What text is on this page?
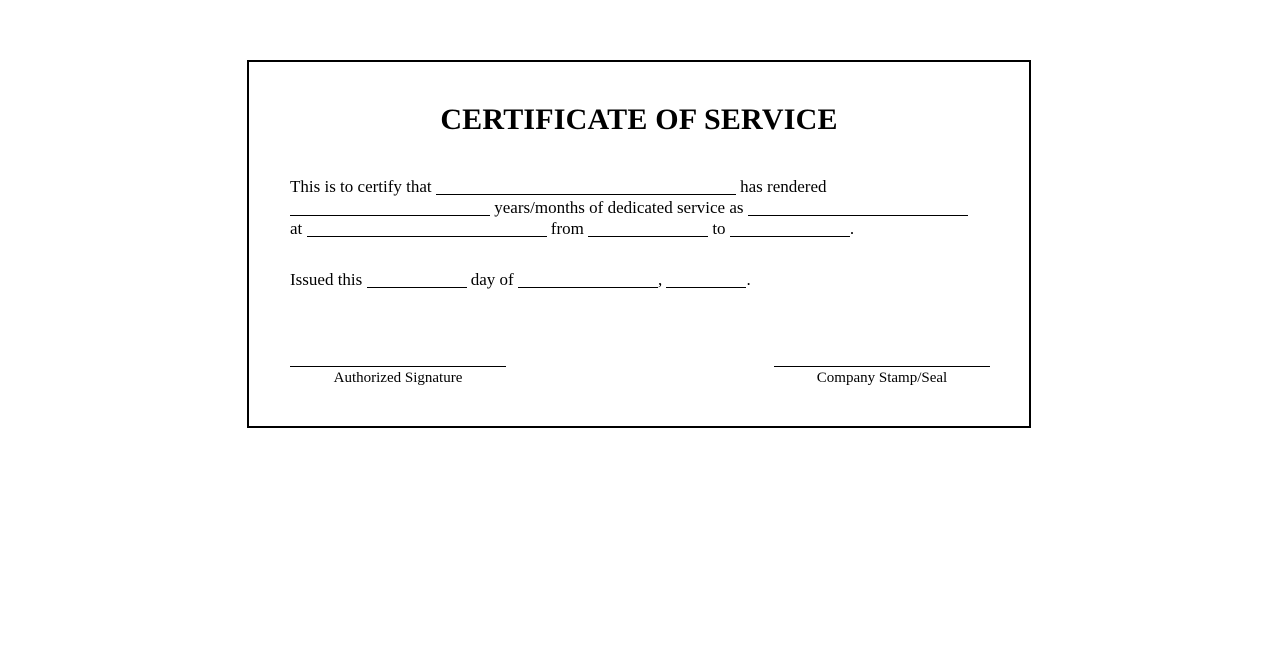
CERTIFICATE OF SERVICE
This is to certify that	has rendered
years/months of dedicated service as
at	from	to	.
Issued this	day of	,	.
Authorized Signature	Company Stamp/Seal
